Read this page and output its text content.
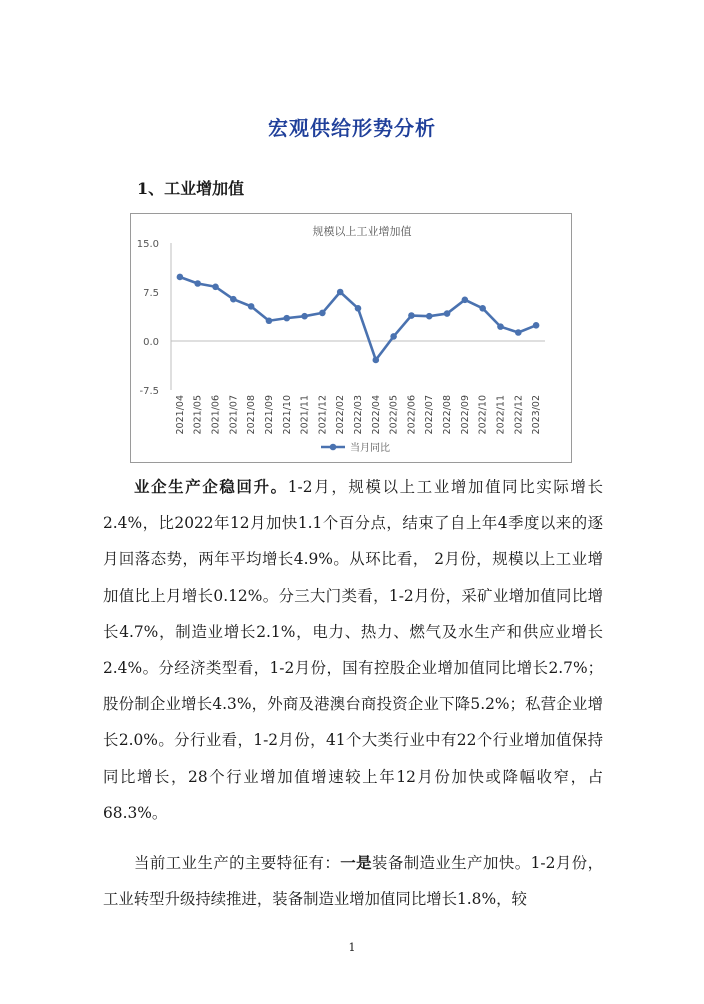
宏观供给形势分析
1、工业增加值
规模以上工业增加值
15.0
7.5
0.0
-7.5
2021/04 2021/05 2021/06 2021/07 2021/08 2021/09 2021/10 2021/11 2021/12 2022/02 2022/03 2022/04 2022/05 2022/06 2022/07 2022/08 2022/09 2022/10 2022/11 2022/12 2023/02
当月同比

业企生产企稳回升。1-2月，规模以上工业增加值同比实际增长2.4%，比2022年12月加快1.1个百分点，结束了自上年4季度以来的逐月回落态势，两年平均增长4.9%。从环比看， 2月份，规模以上工业增加值比上月增长0.12%。分三大门类看，1-2月份，采矿业增加值同比增长4.7%，制造业增长2.1%，电力、热力、燃气及水生产和供应业增长2.4%。分经济类型看，1-2月份，国有控股企业增加值同比增长2.7%；股份制企业增长4.3%，外商及港澳台商投资企业下降5.2%；私营企业增长2.0%。分行业看，1-2月份，41个大类行业中有22个行业增加值保持同比增长，28个行业增加值增速较上年12月份加快或降幅收窄，占68.3%。

当前工业生产的主要特征有：一是装备制造业生产加快。1-2月份，工业转型升级持续推进，装备制造业增加值同比增长1.8%，较

1
